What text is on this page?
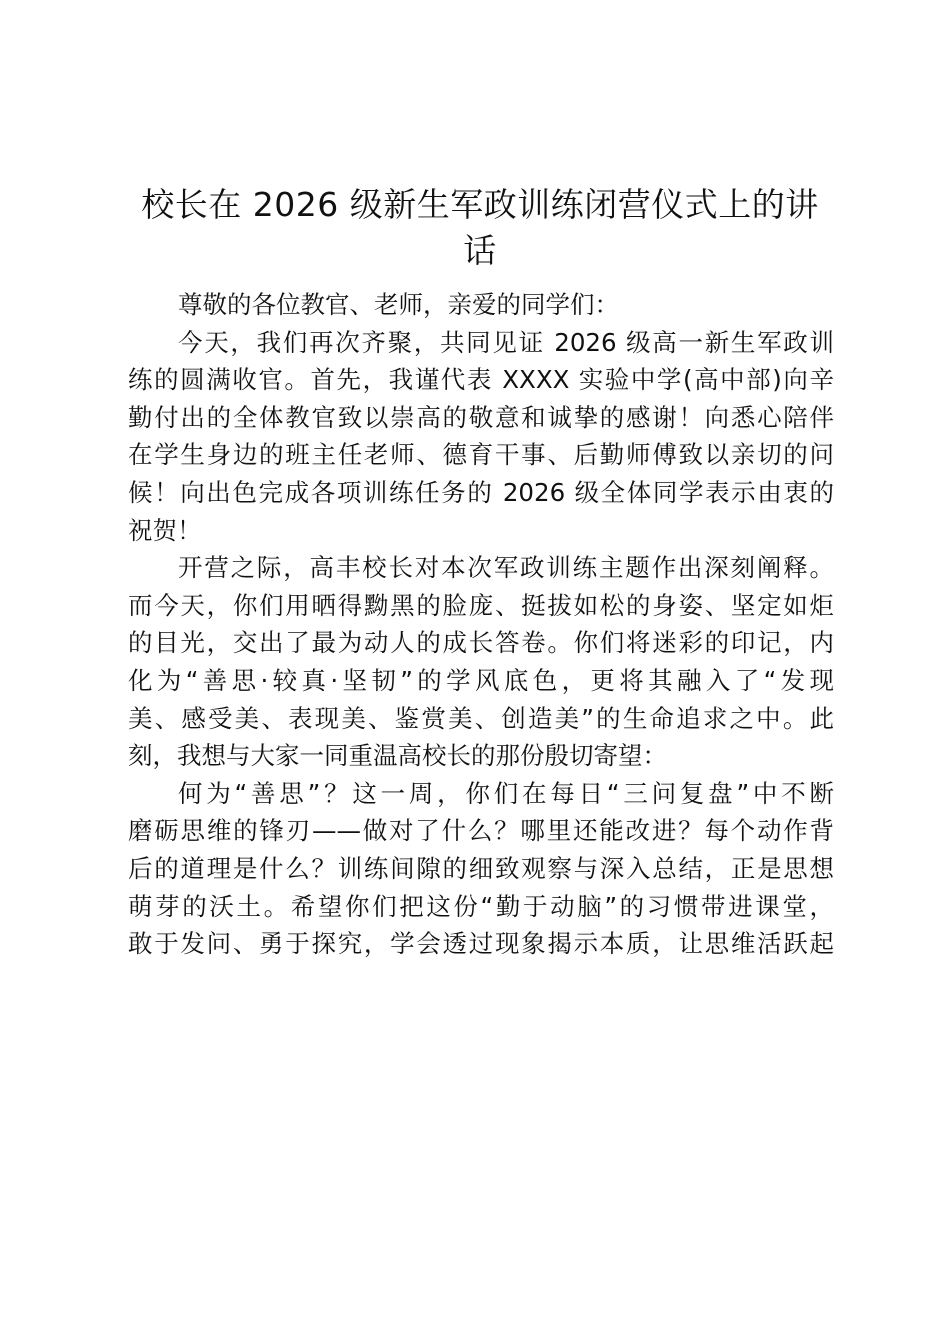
校长在 2026 级新生军政训练闭营仪式上的讲
话
尊敬的各位教官、老师，亲爱的同学们：
今天，我们再次齐聚，共同见证 2026 级高一新生军政训
练的圆满收官。首先，我谨代表 XXXX 实验中学(高中部)向辛
勤付出的全体教官致以崇高的敬意和诚挚的感谢！向悉心陪伴
在学生身边的班主任老师、德育干事、后勤师傅致以亲切的问
候！向出色完成各项训练任务的 2026 级全体同学表示由衷的
祝贺！
开营之际，高丰校长对本次军政训练主题作出深刻阐释。
而今天，你们用晒得黝黑的脸庞、挺拔如松的身姿、坚定如炬
的目光，交出了最为动人的成长答卷。你们将迷彩的印记，内
化为“善思·较真·坚韧”的学风底色，更将其融入了“发现
美、感受美、表现美、鉴赏美、创造美”的生命追求之中。此
刻，我想与大家一同重温高校长的那份殷切寄望：
何为“善思”？这一周，你们在每日“三问复盘”中不断
磨砺思维的锋刃——做对了什么？哪里还能改进？每个动作背
后的道理是什么？训练间隙的细致观察与深入总结，正是思想
萌芽的沃土。希望你们把这份“勤于动脑”的习惯带进课堂，
敢于发问、勇于探究，学会透过现象揭示本质，让思维活跃起
